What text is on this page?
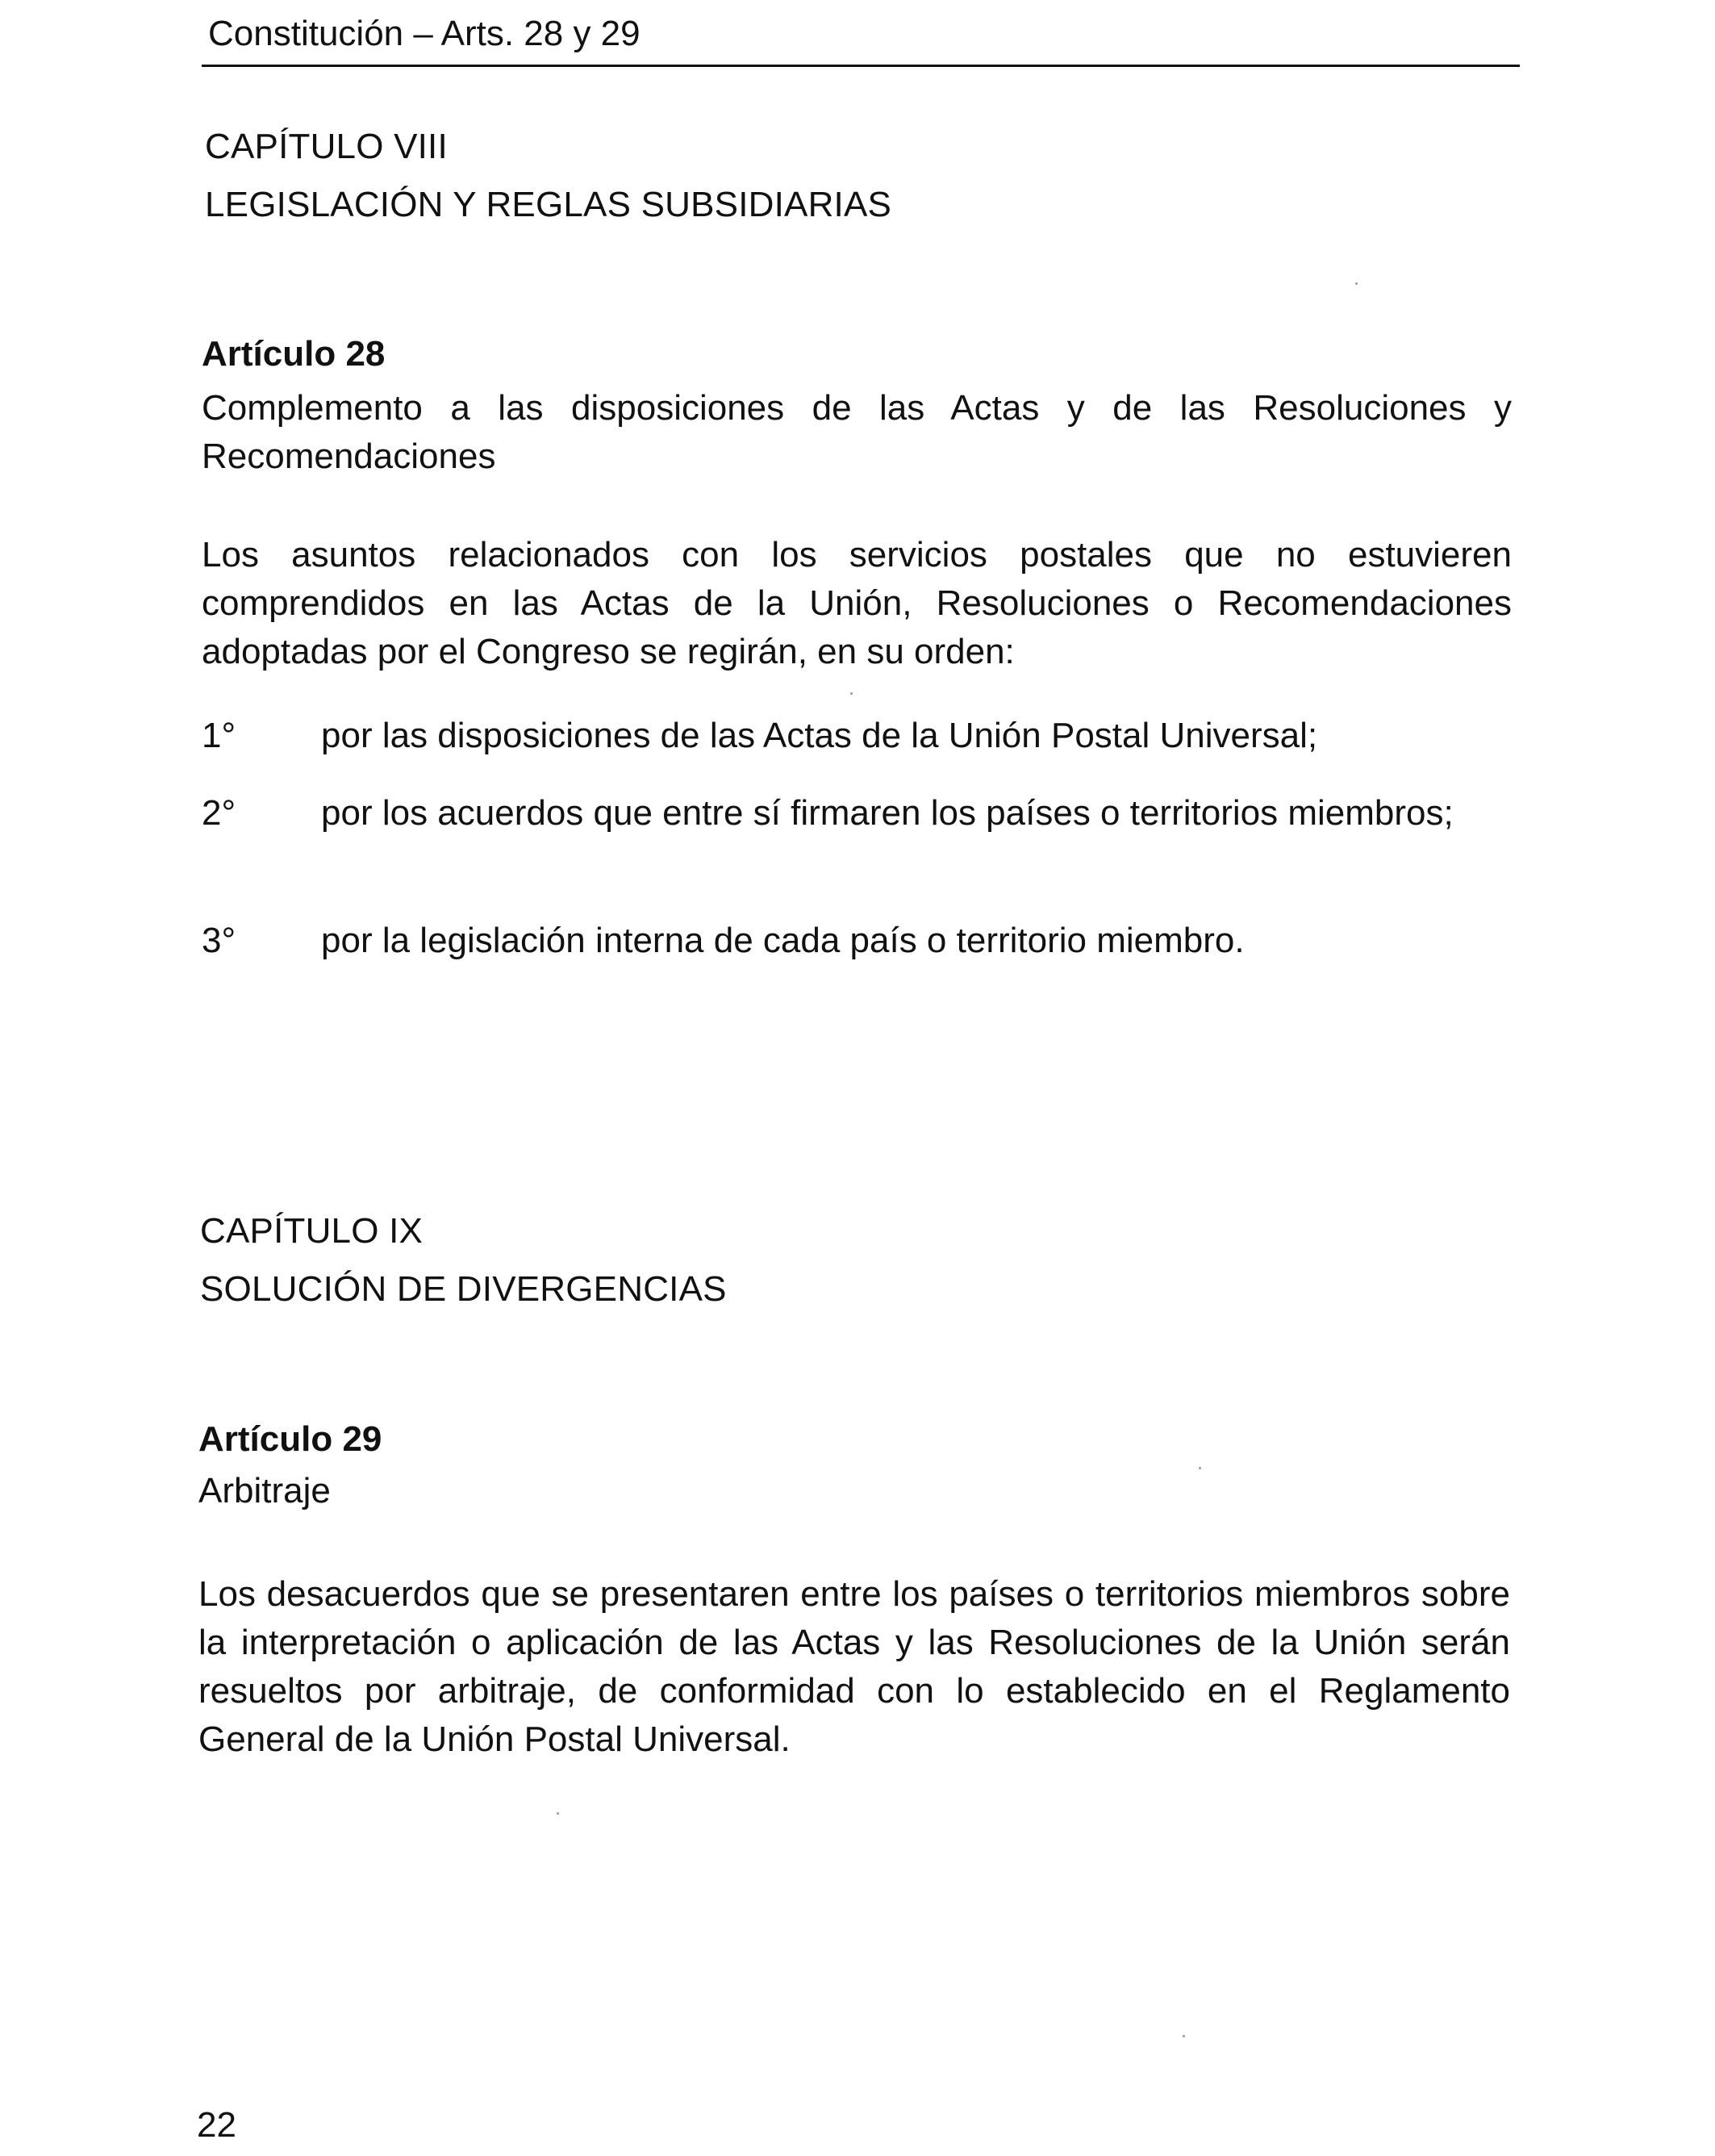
Constitución – Arts. 28 y 29
CAPÍTULO VIII
LEGISLACIÓN Y REGLAS SUBSIDIARIAS
Artículo 28
Complemento a las disposiciones de las Actas y de las Resoluciones y Recomendaciones
Los asuntos relacionados con los servicios postales que no estuvieren comprendidos en las Actas de la Unión, Resoluciones o Recomendaciones adoptadas por el Congreso se regirán, en su orden:
1°	por las disposiciones de las Actas de la Unión Postal Universal;
2°	por los acuerdos que entre sí firmaren los países o territorios miembros;
3°	por la legislación interna de cada país o territorio miembro.
CAPÍTULO IX
SOLUCIÓN DE DIVERGENCIAS
Artículo 29
Arbitraje
Los desacuerdos que se presentaren entre los países o territorios miembros sobre la interpretación o aplicación de las Actas y las Resoluciones de la Unión serán resueltos por arbitraje, de conformidad con lo establecido en el Reglamento General de la Unión Postal Universal.
22
